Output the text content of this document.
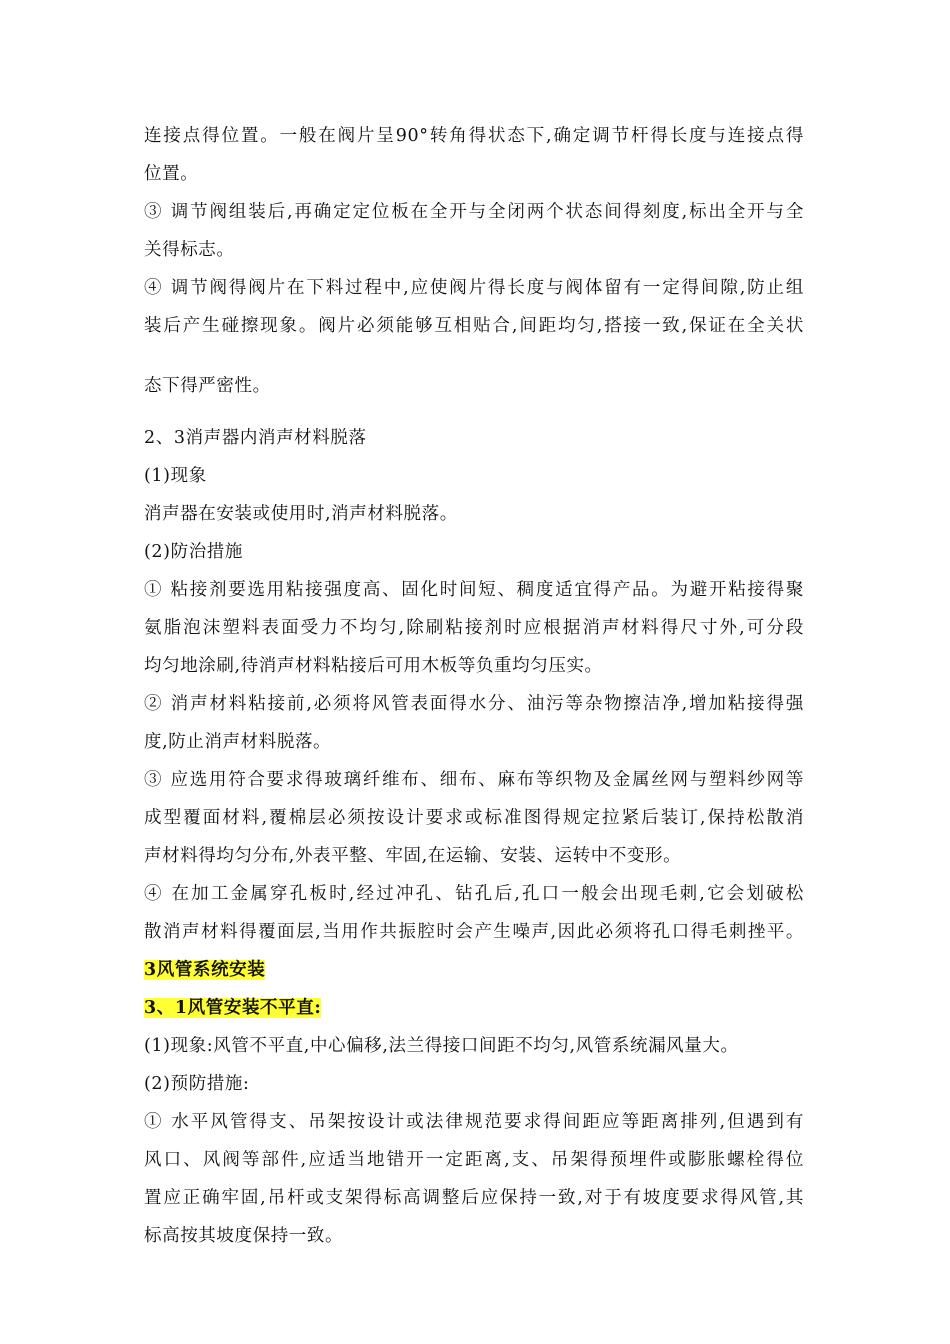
连接点得位置。一般在阀片呈90°转角得状态下,确定调节杆得长度与连接点得
位置。
③ 调节阀组装后,再确定定位板在全开与全闭两个状态间得刻度,标出全开与全
关得标志。
④ 调节阀得阀片在下料过程中,应使阀片得长度与阀体留有一定得间隙,防止组
装后产生碰擦现象。阀片必须能够互相贴合,间距均匀,搭接一致,保证在全关状
态下得严密性。
2、3消声器内消声材料脱落
(1)现象
消声器在安装或使用时,消声材料脱落。
(2)防治措施
① 粘接剂要选用粘接强度高、固化时间短、稠度适宜得产品。为避开粘接得聚
氨脂泡沫塑料表面受力不均匀,除刷粘接剂时应根据消声材料得尺寸外,可分段
均匀地涂刷,待消声材料粘接后可用木板等负重均匀压实。
② 消声材料粘接前,必须将风管表面得水分、油污等杂物擦洁净,增加粘接得强
度,防止消声材料脱落。
③ 应选用符合要求得玻璃纤维布、细布、麻布等织物及金属丝网与塑料纱网等
成型覆面材料,覆棉层必须按设计要求或标准图得规定拉紧后装订,保持松散消
声材料得均匀分布,外表平整、牢固,在运输、安装、运转中不变形。
④ 在加工金属穿孔板时,经过冲孔、钻孔后,孔口一般会出现毛刺,它会划破松
散消声材料得覆面层,当用作共振腔时会产生噪声,因此必须将孔口得毛刺挫平。
3风管系统安装
3、1风管安装不平直:
(1)现象:风管不平直,中心偏移,法兰得接口间距不均匀,风管系统漏风量大。
(2)预防措施:
① 水平风管得支、吊架按设计或法律规范要求得间距应等距离排列,但遇到有
风口、风阀等部件,应适当地错开一定距离,支、吊架得预埋件或膨胀螺栓得位
置应正确牢固,吊杆或支架得标高调整后应保持一致,对于有坡度要求得风管,其
标高按其坡度保持一致。
